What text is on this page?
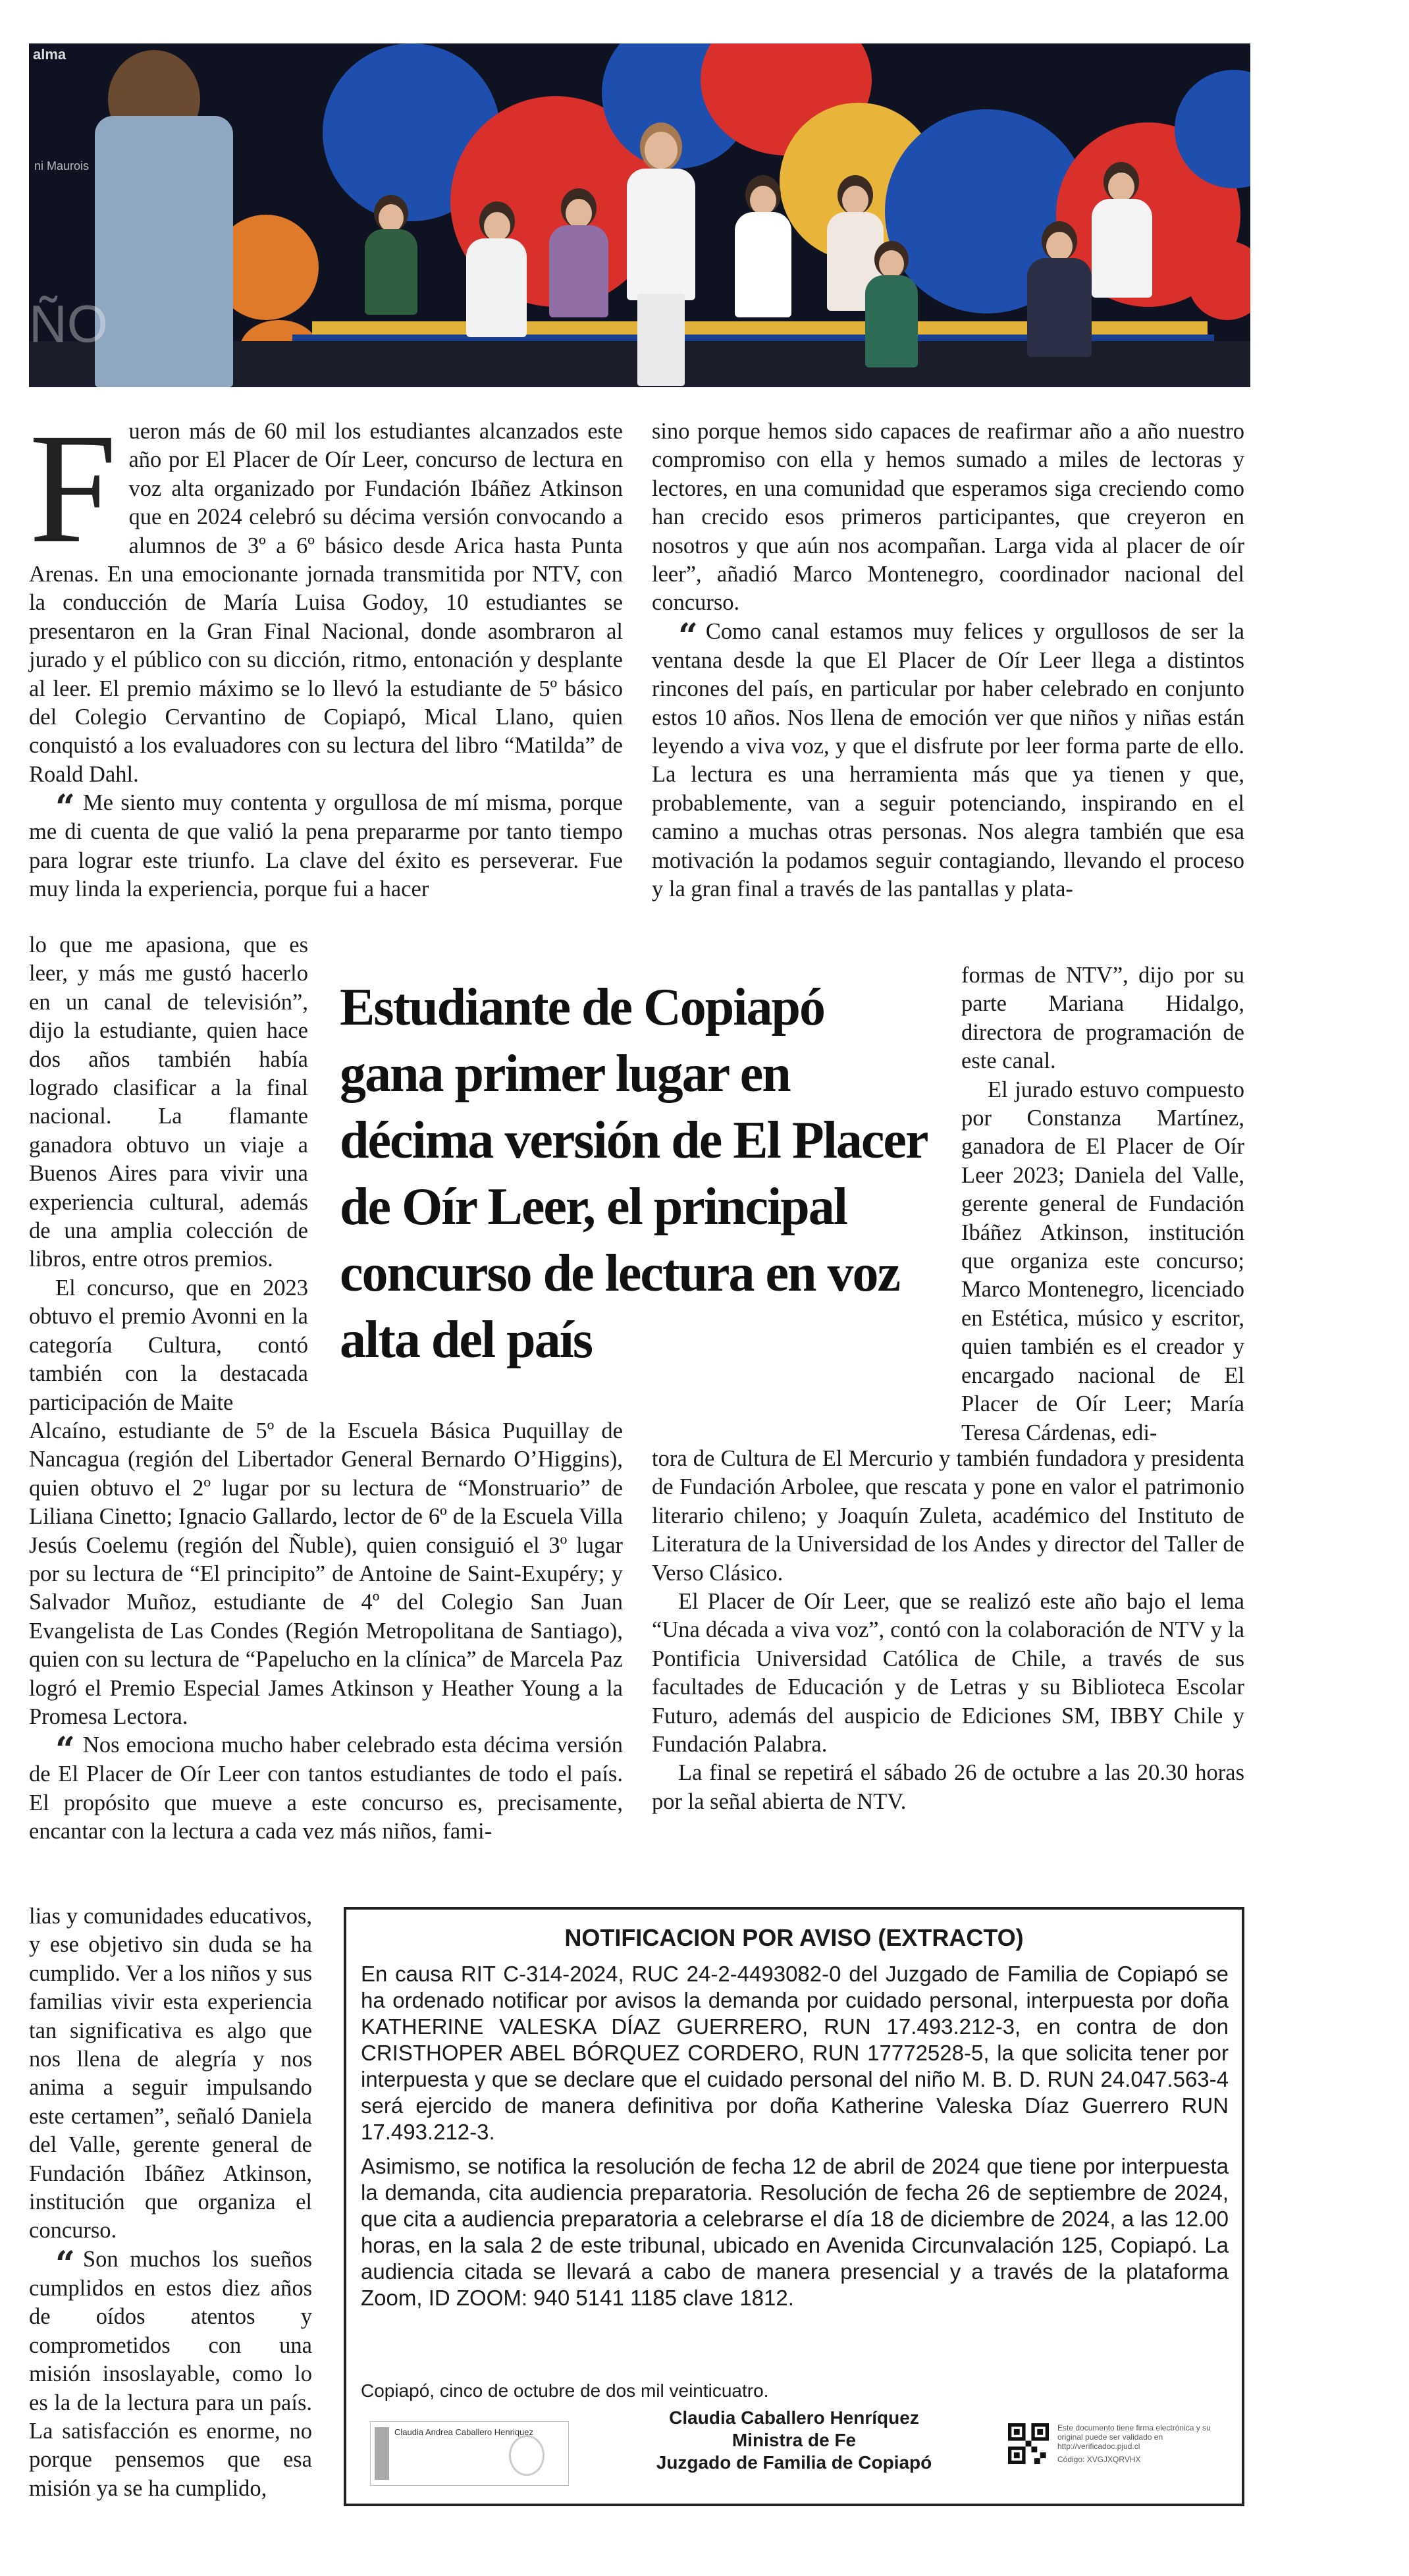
alma
ni Maurois
ÑO
F ueron más de 60 mil los estudiantes alcanzados este año por El Placer de Oír Leer, concurso de lectura en voz alta organizado por Fundación Ibáñez Atkinson que en 2024 celebró su décima versión convocando a alumnos de 3º a 6º básico desde Arica hasta Punta Arenas. En una emocionante jornada transmitida por NTV, con la conducción de María Luisa Godoy, 10 estudiantes se presentaron en la Gran Final Nacional, donde asombraron al jurado y el público con su dicción, ritmo, entonación y desplante al leer. El premio máximo se lo llevó la estudiante de 5º básico del Colegio Cervantino de Copiapó, Mical Llano, quien conquistó a los evaluadores con su lectura del libro “Matilda” de Roald Dahl.

“ Me siento muy contenta y orgullosa de mí misma, porque me di cuenta de que valió la pena prepararme por tanto tiempo para lograr este triunfo. La clave del éxito es perseverar. Fue muy linda la experiencia, porque fui a hacer

lo que me apasiona, que es leer, y más me gustó hacerlo en un canal de televisión”, dijo la estudiante, quien hace dos años también había logrado clasificar a la final nacional. La flamante ganadora obtuvo un viaje a Buenos Aires para vivir una experiencia cultural, además de una amplia colección de libros, entre otros premios.

El concurso, que en 2023 obtuvo el premio Avonni en la categoría Cultura, contó también con la destacada participación de Maite

Alcaíno, estudiante de 5º de la Escuela Básica Puquillay de Nancagua (región del Libertador General Bernardo O’Higgins), quien obtuvo el 2º lugar por su lectura de “Monstruario” de Liliana Cinetto; Ignacio Gallardo, lector de 6º de la Escuela Villa Jesús Coelemu (región del Ñuble), quien consiguió el 3º lugar por su lectura de “El principito” de Antoine de Saint-Exupéry; y Salvador Muñoz, estudiante de 4º del Colegio San Juan Evangelista de Las Condes (Región Metropolitana de Santiago), quien con su lectura de “Papelucho en la clínica” de Marcela Paz logró el Premio Especial James Atkinson y Heather Young a la Promesa Lectora.

“ Nos emociona mucho haber celebrado esta décima versión de El Placer de Oír Leer con tantos estudiantes de todo el país. El propósito que mueve a este concurso es, precisamente, encantar con la lectura a cada vez más niños, fami-

lias y comunidades educativos, y ese objetivo sin duda se ha cumplido. Ver a los niños y sus familias vivir esta experiencia tan significativa es algo que nos llena de alegría y nos anima a seguir impulsando este certamen”, señaló Daniela del Valle, gerente general de Fundación Ibáñez Atkinson, institución que organiza el concurso.

“ Son muchos los sueños cumplidos en estos diez años de oídos atentos y comprometidos con una misión insoslayable, como lo es la de la lectura para un país. La satisfacción es enorme, no porque pensemos que esa misión ya se ha cumplido,

sino porque hemos sido capaces de reafirmar año a año nuestro compromiso con ella y hemos sumado a miles de lectoras y lectores, en una comunidad que esperamos siga creciendo como han crecido esos primeros participantes, que creyeron en nosotros y que aún nos acompañan. Larga vida al placer de oír leer”, añadió Marco Montenegro, coordinador nacional del concurso.

“ Como canal estamos muy felices y orgullosos de ser la ventana desde la que El Placer de Oír Leer llega a distintos rincones del país, en particular por haber celebrado en conjunto estos 10 años. Nos llena de emoción ver que niños y niñas están leyendo a viva voz, y que el disfrute por leer forma parte de ello. La lectura es una herramienta más que ya tienen y que, probablemente, van a seguir potenciando, inspirando en el camino a muchas otras personas. Nos alegra también que esa motivación la podamos seguir contagiando, llevando el proceso y la gran final a través de las pantallas y plata-

formas de NTV”, dijo por su parte Mariana Hidalgo, directora de programación de este canal.

El jurado estuvo compuesto por Constanza Martínez, ganadora de El Placer de Oír Leer 2023; Daniela del Valle, gerente general de Fundación Ibáñez Atkinson, institución que organiza este concurso; Marco Montenegro, licenciado en Estética, músico y escritor, quien también es el creador y encargado nacional de El Placer de Oír Leer; María Teresa Cárdenas, edi-

tora de Cultura de El Mercurio y también fundadora y presidenta de Fundación Arbolee, que rescata y pone en valor el patrimonio literario chileno; y Joaquín Zuleta, académico del Instituto de Literatura de la Universidad de los Andes y director del Taller de Verso Clásico.

El Placer de Oír Leer, que se realizó este año bajo el lema “Una década a viva voz”, contó con la colaboración de NTV y la Pontificia Universidad Católica de Chile, a través de sus facultades de Educación y de Letras y su Biblioteca Escolar Futuro, además del auspicio de Ediciones SM, IBBY Chile y Fundación Palabra.

La final se repetirá el sábado 26 de octubre a las 20.30 horas por la señal abierta de NTV.

Estudiante de Copiapó gana primer lugar en décima versión de El Placer de Oír Leer, el principal concurso de lectura en voz alta del país
NOTIFICACION POR AVISO (EXTRACTO)

En causa RIT C-314-2024, RUC 24-2-4493082-0 del Juzgado de Familia de Copiapó se ha ordenado notificar por avisos la demanda por cuidado personal, interpuesta por doña KATHERINE VALESKA DÍAZ GUERRERO, RUN 17.493.212-3, en contra de don CRISTHOPER ABEL BÓRQUEZ CORDERO, RUN 17772528-5, la que solicita tener por interpuesta y que se declare que el cuidado personal del niño M. B. D. RUN 24.047.563-4 será ejercido de manera definitiva por doña Katherine Valeska Díaz Guerrero RUN 17.493.212-3.

Asimismo, se notifica la resolución de fecha 12 de abril de 2024 que tiene por interpuesta la demanda, cita audiencia preparatoria. Resolución de fecha 26 de septiembre de 2024, que cita a audiencia preparatoria a celebrarse el día 18 de diciembre de 2024, a las 12.00 horas, en la sala 2 de este tribunal, ubicado en Avenida Circunvalación 125, Copiapó. La audiencia citada se llevará a cabo de manera presencial y a través de la plataforma Zoom, ID ZOOM: 940 5141 1185 clave 1812.

Copiapó, cinco de octubre de dos mil veinticuatro.
Claudia Andrea Caballero Henriquez
Claudia Caballero Henríquez
Ministra de Fe
Juzgado de Familia de Copiapó
Este documento tiene firma electrónica y su original puede ser validado en http://verificadoc.pjud.cl
Código: XVGJXQRVHX
